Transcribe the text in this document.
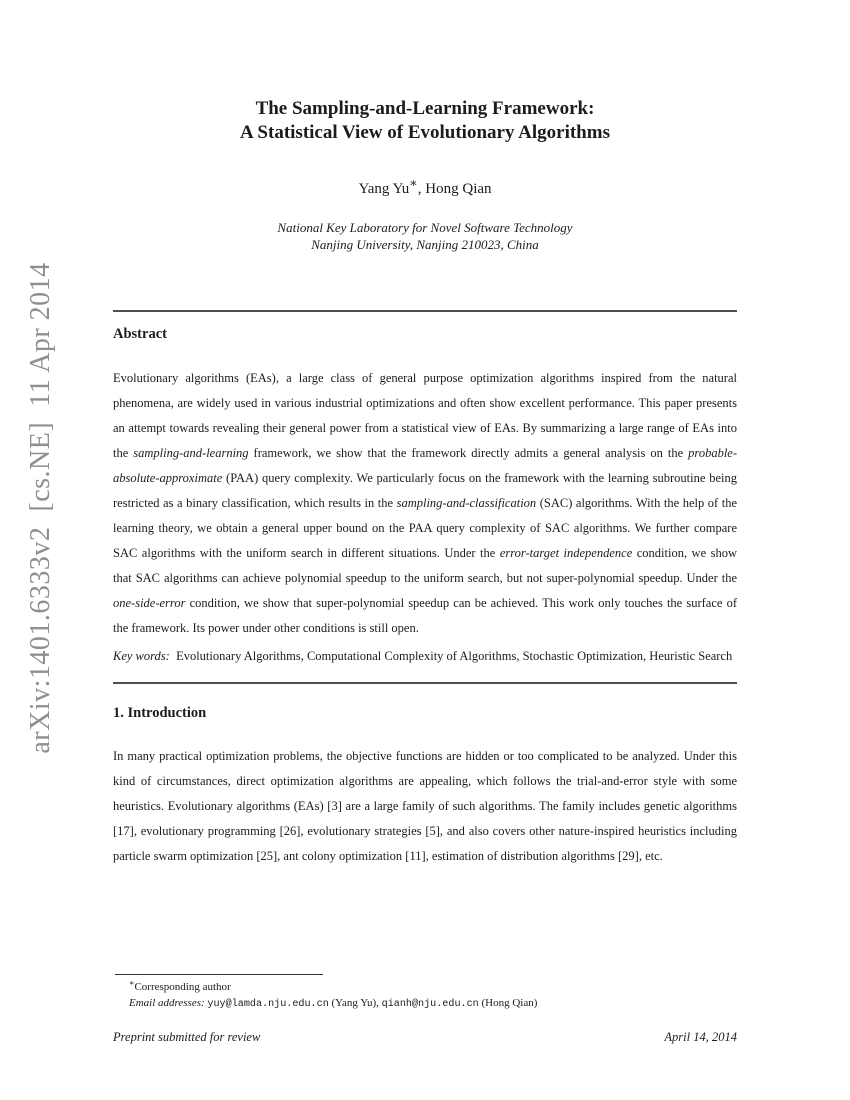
arXiv:1401.6333v2  [cs.NE]  11 Apr 2014
The Sampling-and-Learning Framework:
A Statistical View of Evolutionary Algorithms
Yang Yu∗, Hong Qian
National Key Laboratory for Novel Software Technology
Nanjing University, Nanjing 210023, China
Abstract

Evolutionary algorithms (EAs), a large class of general purpose optimization algorithms inspired from the natural phenomena, are widely used in various industrial optimizations and often show excellent performance. This paper presents an attempt towards revealing their general power from a statistical view of EAs. By summarizing a large range of EAs into the sampling-and-learning framework, we show that the framework directly admits a general analysis on the probable-absolute-approximate (PAA) query complexity. We particularly focus on the framework with the learning subroutine being restricted as a binary classification, which results in the sampling-and-classification (SAC) algorithms. With the help of the learning theory, we obtain a general upper bound on the PAA query complexity of SAC algorithms. We further compare SAC algorithms with the uniform search in different situations. Under the error-target independence condition, we show that SAC algorithms can achieve polynomial speedup to the uniform search, but not super-polynomial speedup. Under the one-side-error condition, we show that super-polynomial speedup can be achieved. This work only touches the surface of the framework. Its power under other conditions is still open.

Key words:  Evolutionary Algorithms, Computational Complexity of Algorithms, Stochastic Optimization, Heuristic Search

1. Introduction

In many practical optimization problems, the objective functions are hidden or too complicated to be analyzed. Under this kind of circumstances, direct optimization algorithms are appealing, which follows the trial-and-error style with some heuristics. Evolutionary algorithms (EAs) [3] are a large family of such algorithms. The family includes genetic algorithms [17], evolutionary programming [26], evolutionary strategies [5], and also covers other nature-inspired heuristics including particle swarm optimization [25], ant colony optimization [11], estimation of distribution algorithms [29], etc.

∗Corresponding author
Email addresses: yuy@lamda.nju.edu.cn (Yang Yu), qianh@nju.edu.cn (Hong Qian)
Preprint submitted for review	April 14, 2014
